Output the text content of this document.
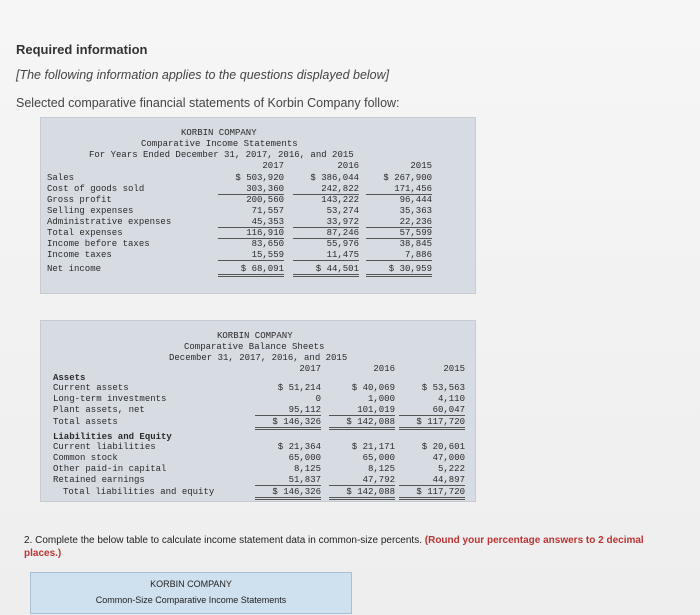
Required information
[The following information applies to the questions displayed below]
Selected comparative financial statements of Korbin Company follow:
KORBIN COMPANY
Comparative Income Statements
For Years Ended December 31, 2017, 2016, and 2015
2017	2016	2015
Sales	$ 503,920	$ 386,044	$ 267,900
Cost of goods sold	303,360	242,822	171,456
Gross profit	200,560	143,222	96,444
Selling expenses	71,557	53,274	35,363
Administrative expenses	45,353	33,972	22,236
Total expenses	116,910	87,246	57,599
Income before taxes	83,650	55,976	38,845
Income taxes	15,559	11,475	7,886
Net income	$ 68,091	$ 44,501	$ 30,959
KORBIN COMPANY
Comparative Balance Sheets
December 31, 2017, 2016, and 2015
2017	2016	2015
Assets
Current assets	$ 51,214	$ 40,069	$ 53,563
Long-term investments	0	1,000	4,110
Plant assets, net	95,112	101,019	60,047
Total assets	$ 146,326	$ 142,088	$ 117,720
Liabilities and Equity
Current liabilities	$ 21,364	$ 21,171	$ 20,601
Common stock	65,000	65,000	47,000
Other paid-in capital	8,125	8,125	5,222
Retained earnings	51,837	47,792	44,897
Total liabilities and equity	$ 146,326	$ 142,088	$ 117,720
2. Complete the below table to calculate income statement data in common-size percents. (Round your percentage answers to 2 decimal places.)
KORBIN COMPANY
Common-Size Comparative Income Statements
